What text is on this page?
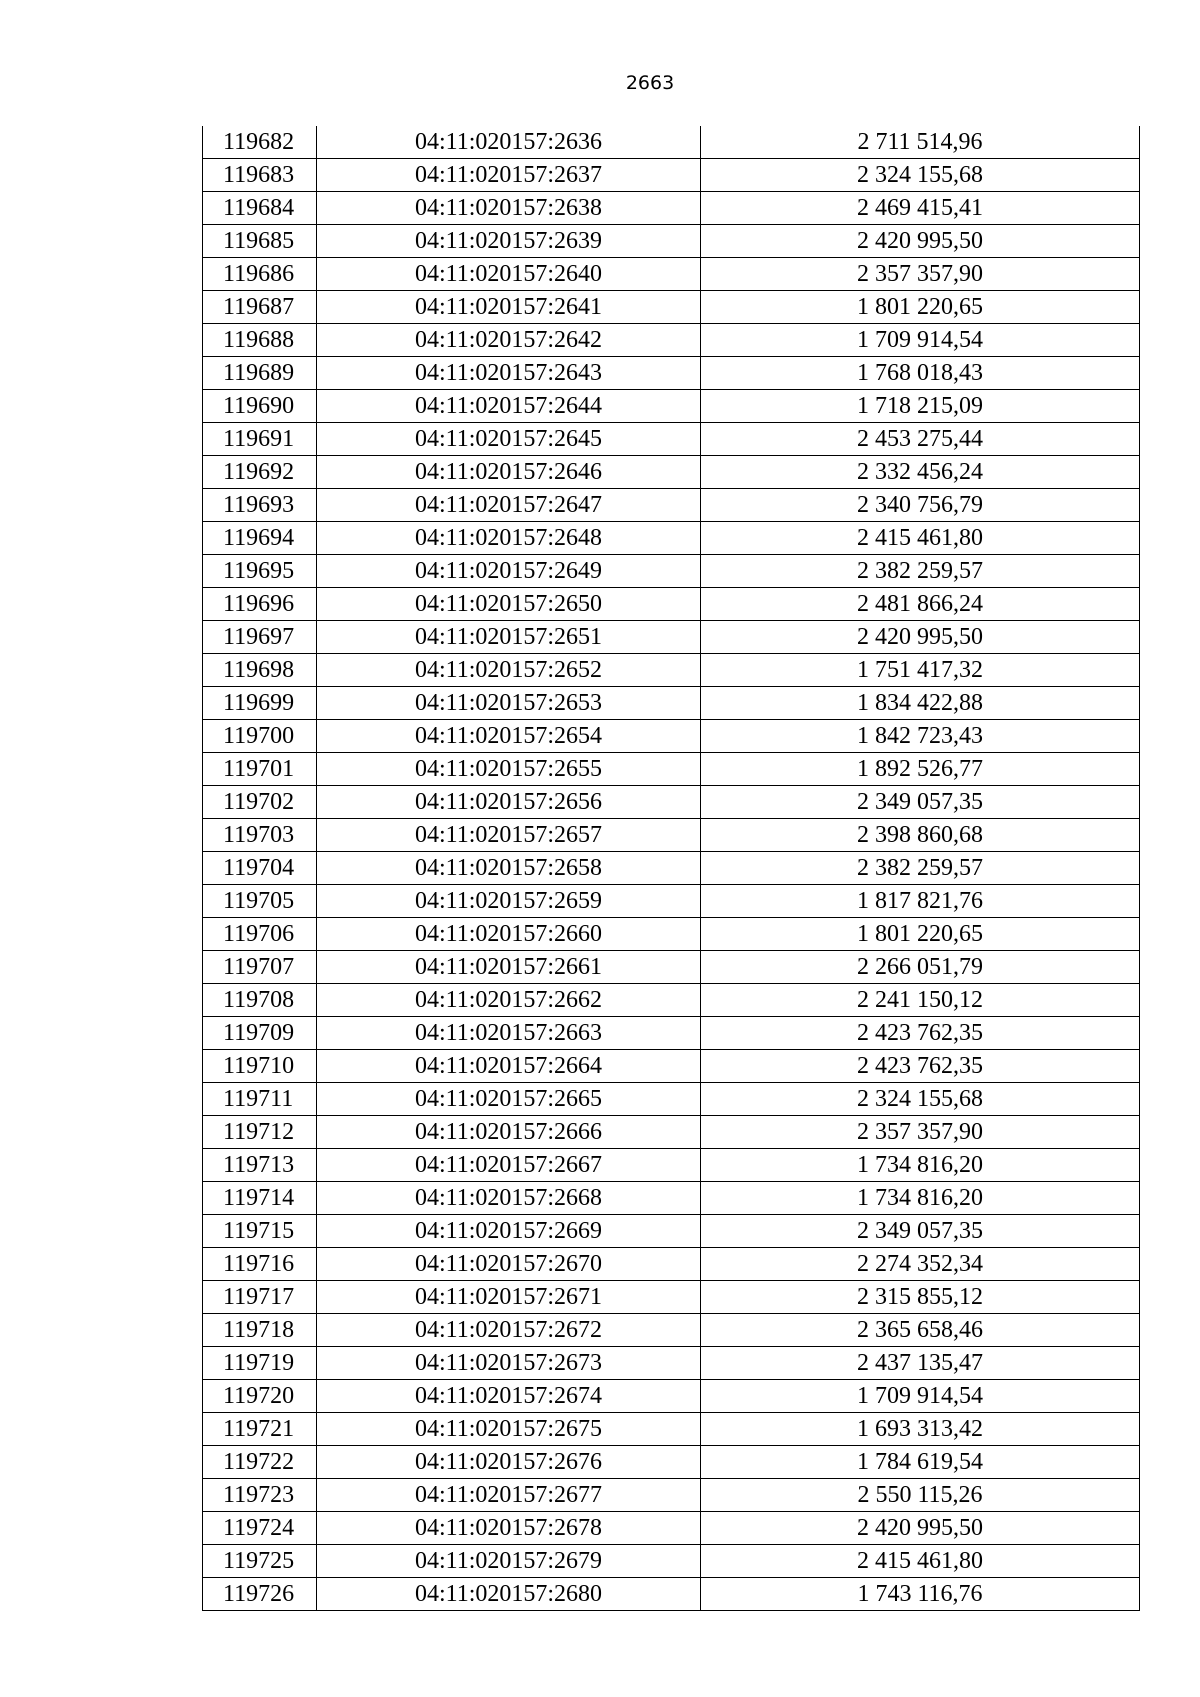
2663
119682	04:11:020157:2636	2 711 514,96
119683	04:11:020157:2637	2 324 155,68
119684	04:11:020157:2638	2 469 415,41
119685	04:11:020157:2639	2 420 995,50
119686	04:11:020157:2640	2 357 357,90
119687	04:11:020157:2641	1 801 220,65
119688	04:11:020157:2642	1 709 914,54
119689	04:11:020157:2643	1 768 018,43
119690	04:11:020157:2644	1 718 215,09
119691	04:11:020157:2645	2 453 275,44
119692	04:11:020157:2646	2 332 456,24
119693	04:11:020157:2647	2 340 756,79
119694	04:11:020157:2648	2 415 461,80
119695	04:11:020157:2649	2 382 259,57
119696	04:11:020157:2650	2 481 866,24
119697	04:11:020157:2651	2 420 995,50
119698	04:11:020157:2652	1 751 417,32
119699	04:11:020157:2653	1 834 422,88
119700	04:11:020157:2654	1 842 723,43
119701	04:11:020157:2655	1 892 526,77
119702	04:11:020157:2656	2 349 057,35
119703	04:11:020157:2657	2 398 860,68
119704	04:11:020157:2658	2 382 259,57
119705	04:11:020157:2659	1 817 821,76
119706	04:11:020157:2660	1 801 220,65
119707	04:11:020157:2661	2 266 051,79
119708	04:11:020157:2662	2 241 150,12
119709	04:11:020157:2663	2 423 762,35
119710	04:11:020157:2664	2 423 762,35
119711	04:11:020157:2665	2 324 155,68
119712	04:11:020157:2666	2 357 357,90
119713	04:11:020157:2667	1 734 816,20
119714	04:11:020157:2668	1 734 816,20
119715	04:11:020157:2669	2 349 057,35
119716	04:11:020157:2670	2 274 352,34
119717	04:11:020157:2671	2 315 855,12
119718	04:11:020157:2672	2 365 658,46
119719	04:11:020157:2673	2 437 135,47
119720	04:11:020157:2674	1 709 914,54
119721	04:11:020157:2675	1 693 313,42
119722	04:11:020157:2676	1 784 619,54
119723	04:11:020157:2677	2 550 115,26
119724	04:11:020157:2678	2 420 995,50
119725	04:11:020157:2679	2 415 461,80
119726	04:11:020157:2680	1 743 116,76
